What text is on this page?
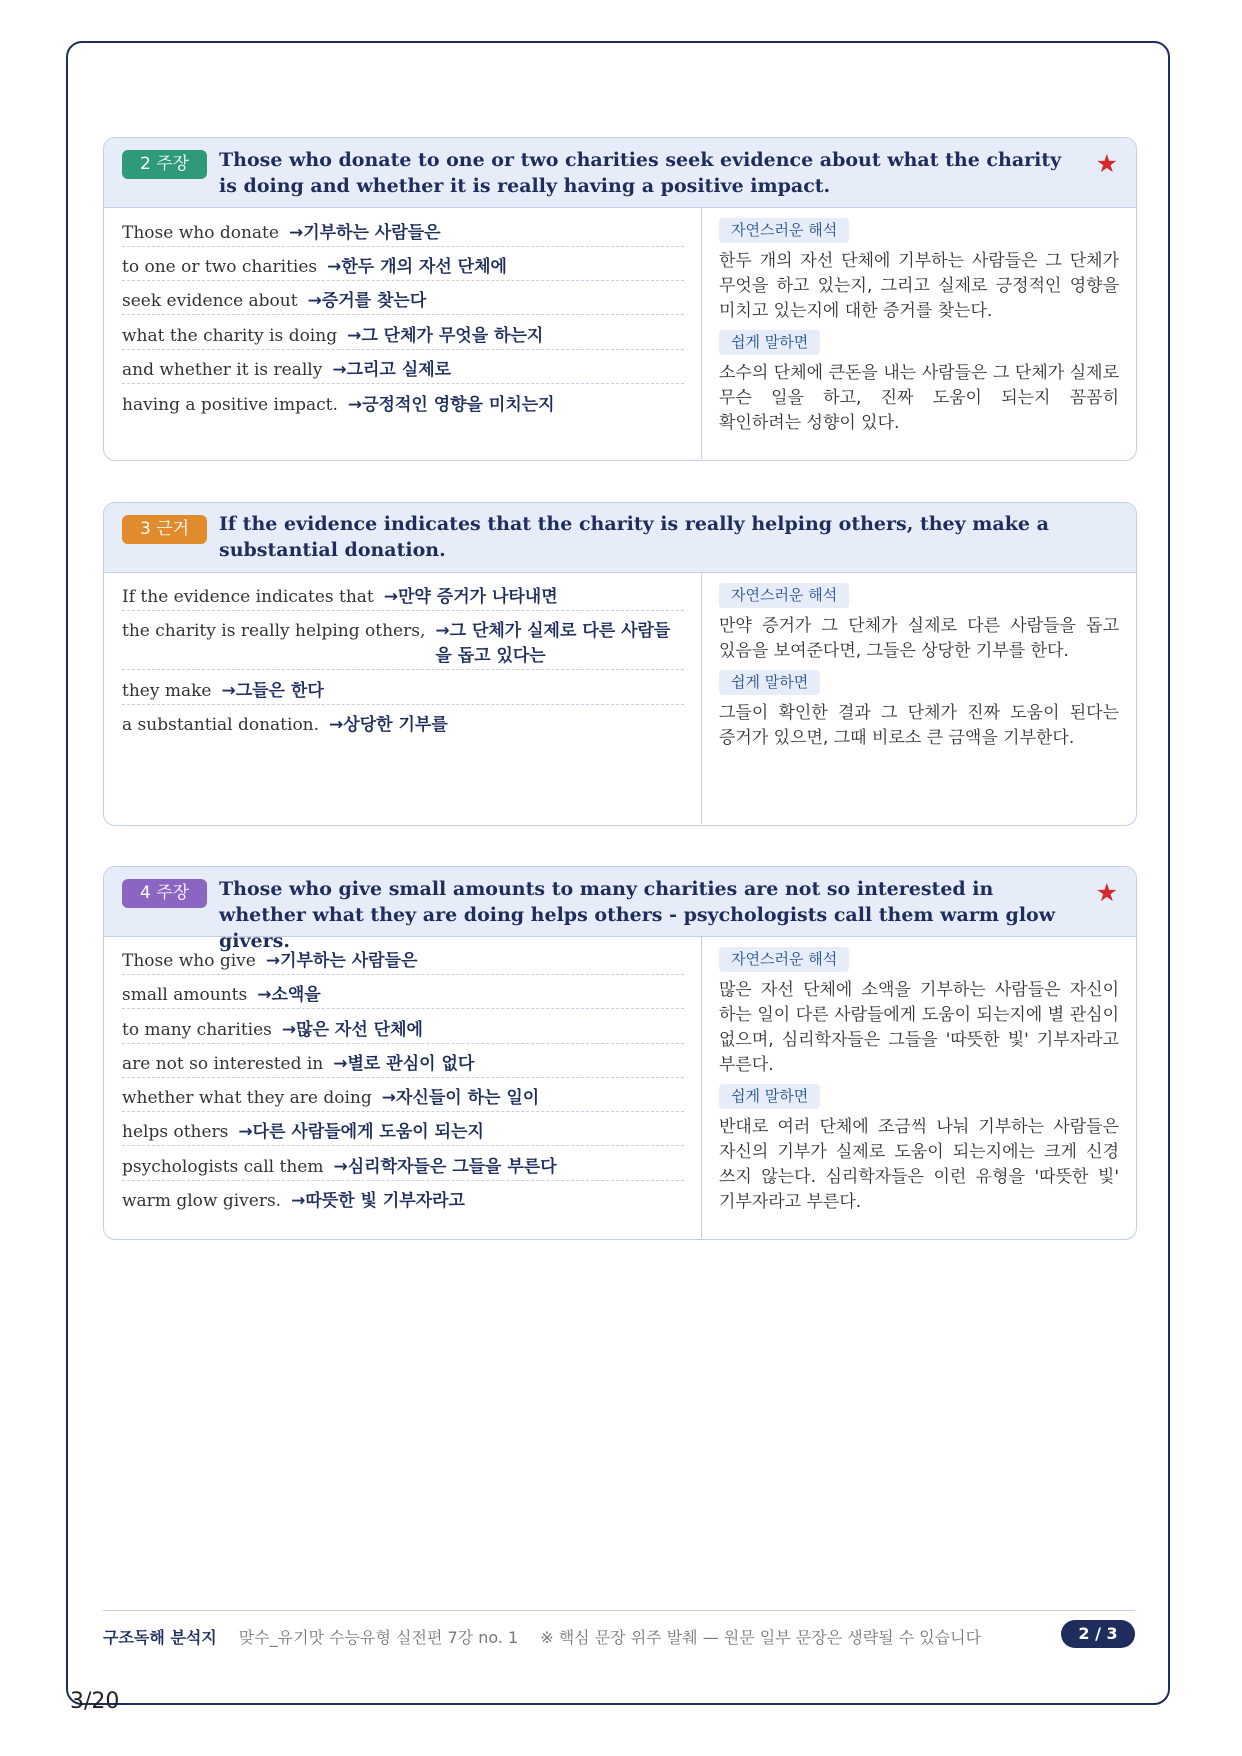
2 주장	Those who donate to one or two charities seek evidence about what the charity is doing and whether it is really having a positive impact.
★
Those who donate →기부하는 사람들은
to one or two charities →한두 개의 자선 단체에
seek evidence about →증거를 찾는다
what the charity is doing →그 단체가 무엇을 하는지
and whether it is really →그리고 실제로
having a positive impact. →긍정적인 영향을 미치는지
자연스러운 해석

한두 개의 자선 단체에 기부하는 사람들은 그 단체가 무엇을 하고 있는지, 그리고 실제로 긍정적인 영향을 미치고 있는지에 대한 증거를 찾는다.

쉽게 말하면

소수의 단체에 큰돈을 내는 사람들은 그 단체가 실제로 무슨 일을 하고, 진짜 도움이 되는지 꼼꼼히 확인하려는 성향이 있다.

3 근거	If the evidence indicates that the charity is really helping others, they make a substantial donation.
If the evidence indicates that →만약 증거가 나타내면
the charity is really helping others, →그 단체가 실제로 다른 사람들을 돕고 있다는
they make →그들은 한다
a substantial donation. →상당한 기부를
자연스러운 해석

만약 증거가 그 단체가 실제로 다른 사람들을 돕고 있음을 보여준다면, 그들은 상당한 기부를 한다.

쉽게 말하면

그들이 확인한 결과 그 단체가 진짜 도움이 된다는 증거가 있으면, 그때 비로소 큰 금액을 기부한다.

4 주장	Those who give small amounts to many charities are not so interested in whether what they are doing helps others - psychologists call them warm glow givers.
★
Those who give →기부하는 사람들은
small amounts →소액을
to many charities →많은 자선 단체에
are not so interested in →별로 관심이 없다
whether what they are doing →자신들이 하는 일이
helps others →다른 사람들에게 도움이 되는지
psychologists call them →심리학자들은 그들을 부른다
warm glow givers. →따뜻한 빛 기부자라고
자연스러운 해석

많은 자선 단체에 소액을 기부하는 사람들은 자신이 하는 일이 다른 사람들에게 도움이 되는지에 별 관심이 없으며, 심리학자들은 그들을 '따뜻한 빛' 기부자라고 부른다.

쉽게 말하면

반대로 여러 단체에 조금씩 나눠 기부하는 사람들은 자신의 기부가 실제로 도움이 되는지에는 크게 신경 쓰지 않는다. 심리학자들은 이런 유형을 '따뜻한 빛' 기부자라고 부른다.

구조독해 분석지 맞수_유기맛 수능유형 실전편 7강 no. 1 ※ 핵심 문장 위주 발췌 — 원문 일부 문장은 생략될 수 있습니다	2 / 3
3/20
